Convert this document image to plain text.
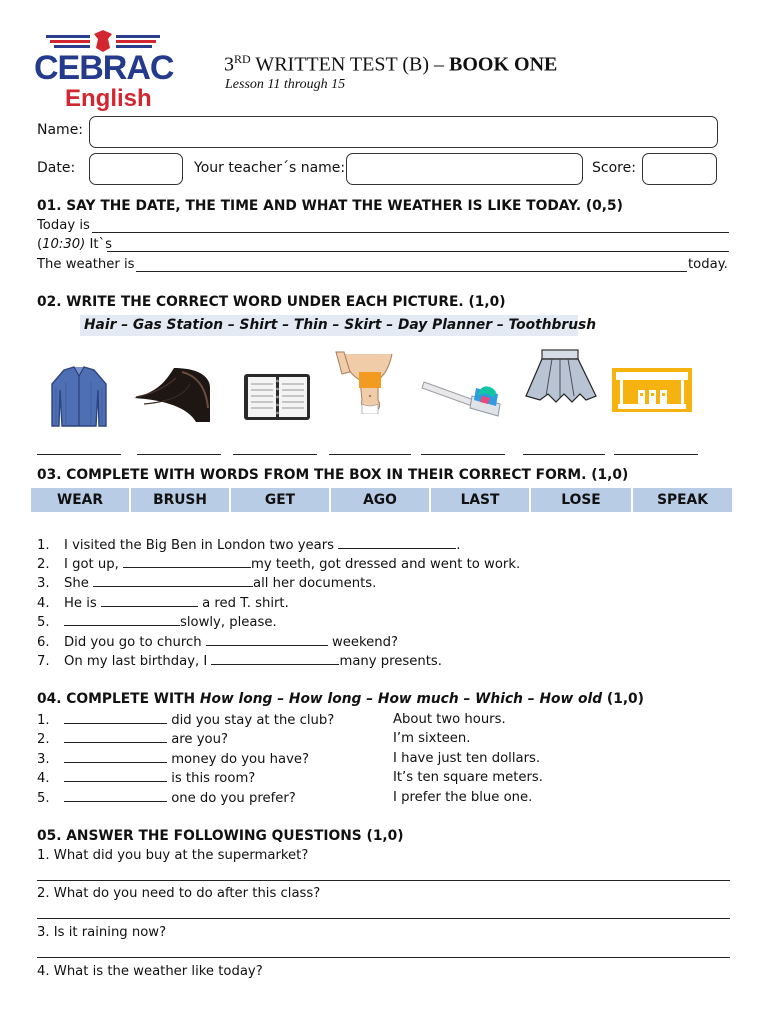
CEBRAC
English
3RD WRITTEN TEST (B) – BOOK ONE
Lesson 11 through 15
Name:
Date:	Your teacher´s name:	Score:
01. SAY THE DATE, THE TIME AND WHAT THE WEATHER IS LIKE TODAY. (0,5)
Today is
(10:30) It`s
The weather is	today.
02. WRITE THE CORRECT WORD UNDER EACH PICTURE. (1,0)
Hair – Gas Station – Shirt – Thin – Skirt – Day Planner – Toothbrush
03. COMPLETE WITH WORDS FROM THE BOX IN THEIR CORRECT FORM. (1,0)
WEAR	BRUSH	GET	AGO	LAST	LOSE	SPEAK
1. I visited the Big Ben in London two years	.
2. I got up,	my teeth, got dressed and went to work.
3. She	all her documents.
4. He is	a red T. shirt.
5.	slowly, please.
6. Did you go to church	weekend?
7. On my last birthday, I	many presents.
04. COMPLETE WITH How long – How long – How much – Which – How old (1,0)
1.	did you stay at the club?	About two hours.
2.	are you?	I’m sixteen.
3.	money do you have?	I have just ten dollars.
4.	is this room?	It’s ten square meters.
5.	one do you prefer?	I prefer the blue one.
05. ANSWER THE FOLLOWING QUESTIONS (1,0)
1. What did you buy at the supermarket?
2. What do you need to do after this class?
3. Is it raining now?
4. What is the weather like today?
